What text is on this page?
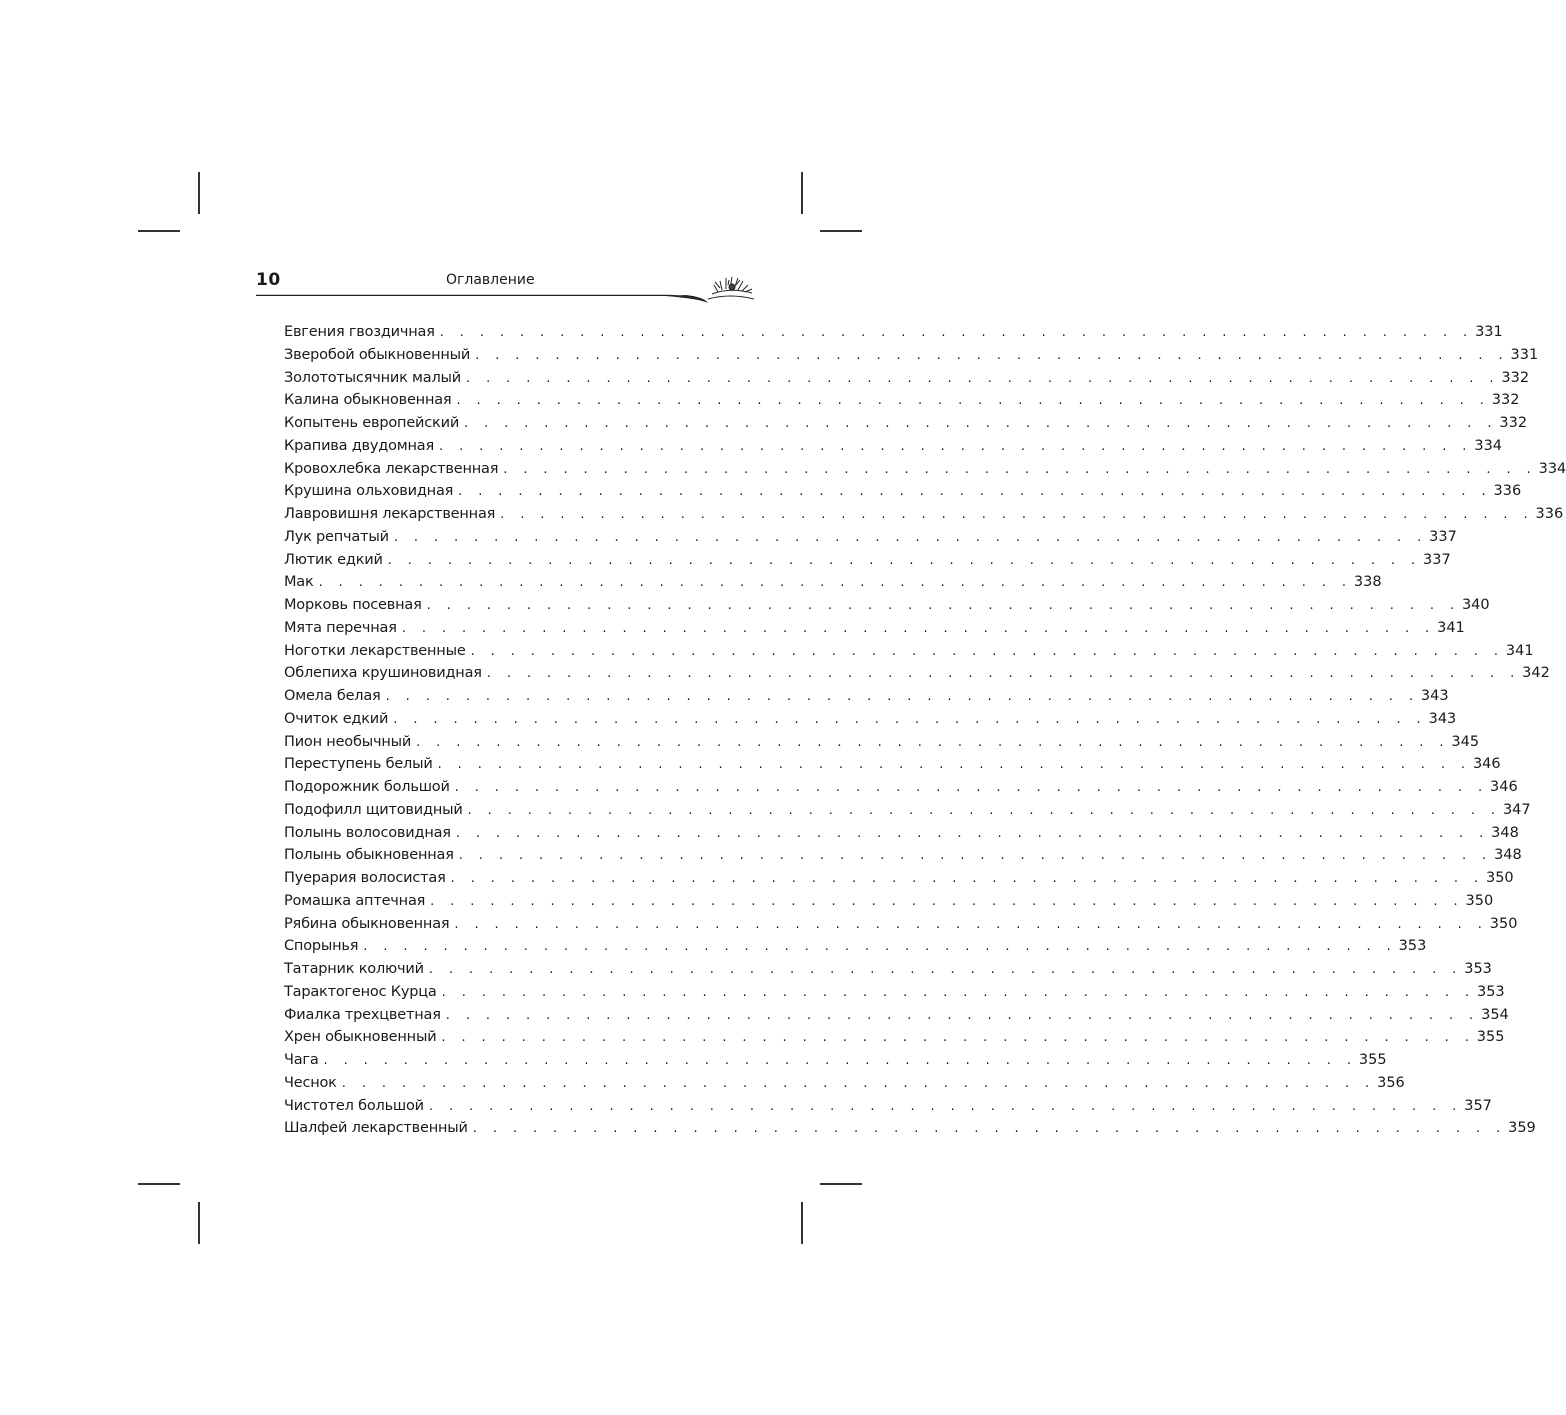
10	Оглавление
Евгения гвоздичная . . . . . . . . . . . . . . . . . . . . . . . . . . . . . . . . . . . . . . . . . . . . . . . . . . . . 331
Зверобой обыкновенный . . . . . . . . . . . . . . . . . . . . . . . . . . . . . . . . . . . . . . . . . . . . . . . . . . . . 331
Золототысячник малый . . . . . . . . . . . . . . . . . . . . . . . . . . . . . . . . . . . . . . . . . . . . . . . . . . . . 332
Калина обыкновенная . . . . . . . . . . . . . . . . . . . . . . . . . . . . . . . . . . . . . . . . . . . . . . . . . . . . 332
Копытень европейский . . . . . . . . . . . . . . . . . . . . . . . . . . . . . . . . . . . . . . . . . . . . . . . . . . . . 332
Крапива двудомная . . . . . . . . . . . . . . . . . . . . . . . . . . . . . . . . . . . . . . . . . . . . . . . . . . . . 334
Кровохлебка лекарственная . . . . . . . . . . . . . . . . . . . . . . . . . . . . . . . . . . . . . . . . . . . . . . . . . . . . 334
Крушина ольховидная . . . . . . . . . . . . . . . . . . . . . . . . . . . . . . . . . . . . . . . . . . . . . . . . . . . . 336
Лавровишня лекарственная . . . . . . . . . . . . . . . . . . . . . . . . . . . . . . . . . . . . . . . . . . . . . . . . . . . . 336
Лук репчатый . . . . . . . . . . . . . . . . . . . . . . . . . . . . . . . . . . . . . . . . . . . . . . . . . . . . 337
Лютик едкий . . . . . . . . . . . . . . . . . . . . . . . . . . . . . . . . . . . . . . . . . . . . . . . . . . . . 337
Мак . . . . . . . . . . . . . . . . . . . . . . . . . . . . . . . . . . . . . . . . . . . . . . . . . . . . 338
Морковь посевная . . . . . . . . . . . . . . . . . . . . . . . . . . . . . . . . . . . . . . . . . . . . . . . . . . . . 340
Мята перечная . . . . . . . . . . . . . . . . . . . . . . . . . . . . . . . . . . . . . . . . . . . . . . . . . . . . 341
Ноготки лекарственные . . . . . . . . . . . . . . . . . . . . . . . . . . . . . . . . . . . . . . . . . . . . . . . . . . . . 341
Облепиха крушиновидная . . . . . . . . . . . . . . . . . . . . . . . . . . . . . . . . . . . . . . . . . . . . . . . . . . . . 342
Омела белая . . . . . . . . . . . . . . . . . . . . . . . . . . . . . . . . . . . . . . . . . . . . . . . . . . . . 343
Очиток едкий . . . . . . . . . . . . . . . . . . . . . . . . . . . . . . . . . . . . . . . . . . . . . . . . . . . . 343
Пион необычный . . . . . . . . . . . . . . . . . . . . . . . . . . . . . . . . . . . . . . . . . . . . . . . . . . . . 345
Переступень белый . . . . . . . . . . . . . . . . . . . . . . . . . . . . . . . . . . . . . . . . . . . . . . . . . . . . 346
Подорожник большой . . . . . . . . . . . . . . . . . . . . . . . . . . . . . . . . . . . . . . . . . . . . . . . . . . . . 346
Подофилл щитовидный . . . . . . . . . . . . . . . . . . . . . . . . . . . . . . . . . . . . . . . . . . . . . . . . . . . . 347
Полынь волосовидная . . . . . . . . . . . . . . . . . . . . . . . . . . . . . . . . . . . . . . . . . . . . . . . . . . . . 348
Полынь обыкновенная . . . . . . . . . . . . . . . . . . . . . . . . . . . . . . . . . . . . . . . . . . . . . . . . . . . . 348
Пуерария волосистая . . . . . . . . . . . . . . . . . . . . . . . . . . . . . . . . . . . . . . . . . . . . . . . . . . . . 350
Ромашка аптечная . . . . . . . . . . . . . . . . . . . . . . . . . . . . . . . . . . . . . . . . . . . . . . . . . . . . 350
Рябина обыкновенная . . . . . . . . . . . . . . . . . . . . . . . . . . . . . . . . . . . . . . . . . . . . . . . . . . . . 350
Спорынья . . . . . . . . . . . . . . . . . . . . . . . . . . . . . . . . . . . . . . . . . . . . . . . . . . . . 353
Татарник колючий . . . . . . . . . . . . . . . . . . . . . . . . . . . . . . . . . . . . . . . . . . . . . . . . . . . . 353
Тарактогенос Курца . . . . . . . . . . . . . . . . . . . . . . . . . . . . . . . . . . . . . . . . . . . . . . . . . . . . 353
Фиалка трехцветная . . . . . . . . . . . . . . . . . . . . . . . . . . . . . . . . . . . . . . . . . . . . . . . . . . . . 354
Хрен обыкновенный . . . . . . . . . . . . . . . . . . . . . . . . . . . . . . . . . . . . . . . . . . . . . . . . . . . . 355
Чага . . . . . . . . . . . . . . . . . . . . . . . . . . . . . . . . . . . . . . . . . . . . . . . . . . . . 355
Чеснок . . . . . . . . . . . . . . . . . . . . . . . . . . . . . . . . . . . . . . . . . . . . . . . . . . . . 356
Чистотел большой . . . . . . . . . . . . . . . . . . . . . . . . . . . . . . . . . . . . . . . . . . . . . . . . . . . . 357
Шалфей лекарственный . . . . . . . . . . . . . . . . . . . . . . . . . . . . . . . . . . . . . . . . . . . . . . . . . . . . 359
